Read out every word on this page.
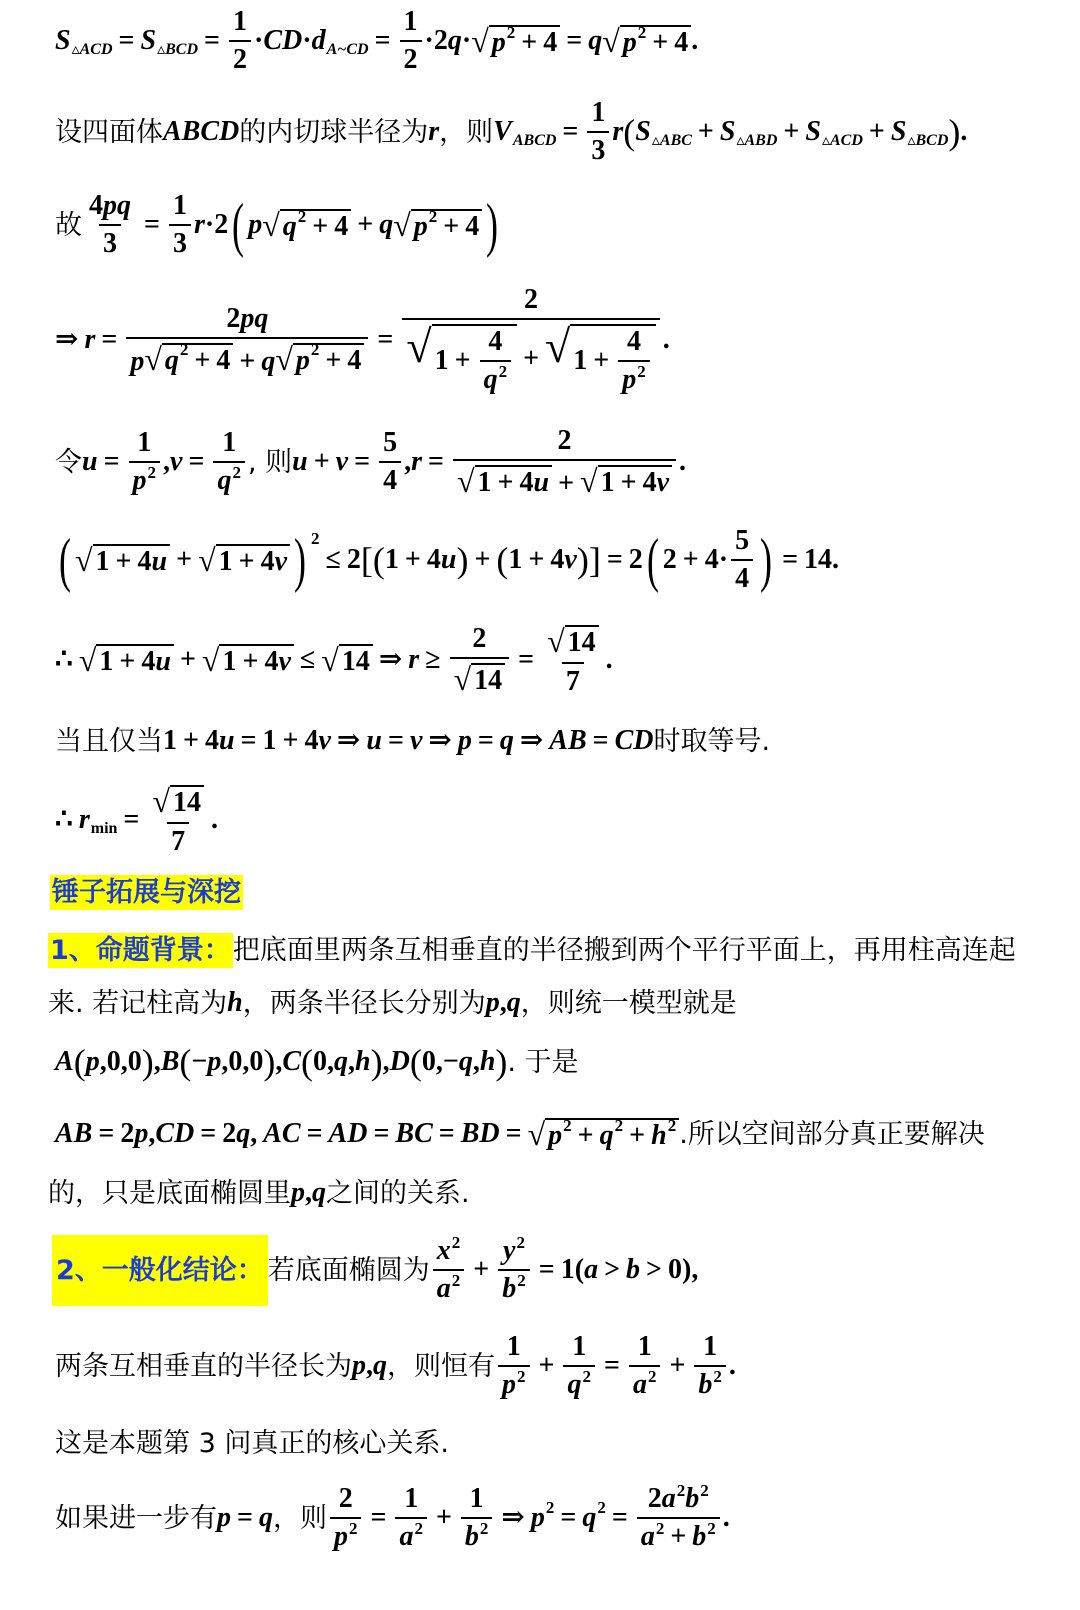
S ▵ACD = S ▵BCD = $\frac{1}{2}$ · CD · d A~CD = $\frac{1}{2} \cdot 2$ q · √ p 2 + 4 = q √ p 2 + 4 .
设四面体 ABCD 的内切球半径为 r ，则 V ABCD = $\frac{1}{3}$ r ( S ▵ABC + S ▵ABD + S ▵ACD + S ▵BCD ) .
故 $\frac{4pq}{3} = \frac{1}{3}$ r ·2 ( p √ q 2 + 4 + q √ p 2 + 4 )
⇒ $r = \frac{2pq}{p √ q 2 + 4 + q √ p 2 + 4} = \frac{2}{√ 1 + \frac{4}{q^2} + √ 1 + \frac{4}{p^2}}$ .
令 $u = \frac{1}{p^2}$ , $v = \frac{1}{q^2}$ , 则 $u + v = \frac{5}{4}$ , $r = \frac{2}{√ 1 + 4 u + √ 1 + 4 v}$ .
( √ 1 + 4 u + √ 1 + 4 v ) 2
≤ 2 [ ( 1 + 4 u ) + ( 1 + 4 v ) ] = 2 ( $2 + 4 \cdot \frac{5}{4}$ ) = 14.
∴ √ 1 + 4 u + √ 1 + 4 v ≤ √ 14 ⇒ $r \ge \frac{2}{√ 14} = \frac{√ 14}{7}$ .
当且仅当 1 + 4 u = 1 + 4 v ⇒ u = v ⇒ p = q ⇒ AB = CD 时取等号.
∴ r $\min = \frac{√ 14}{7}$ .
锤子拓展与深挖
1、命题背景： 把底面里两条互相垂直的半径搬到两个平行平面上，再用柱高连起
来. 若记柱高为 h ，两条半径长分别为 p , q ，则统一模型就是
A ( p ,0,0 ) , B ( − p ,0,0 ) , C ( 0, q , h ) , D ( 0,− q , h ) . 于是
AB = 2 p , CD = 2 q , AC = AD = BC = BD = √ p 2 + q 2 + h 2 .所以空间部分真正要解决
的，只是底面椭圆里 p , q 之间的关系.
2、一般化结论： 若底面椭圆为 $\frac{x^2}{a^2} + \frac{y^2}{b^2} = 1$( a > b > 0),
两条互相垂直的半径长为 p , q ，则恒有 $\frac{1}{p^2} + \frac{1}{q^2} = \frac{1}{a^2} + \frac{1}{b^2}$ .
这是本题第 3 问真正的核心关系.
如果进一步有 p = q ，则 $\frac{2}{p^2} = \frac{1}{a^2} + \frac{1}{b^2}$ ⇒ p 2 = q $2 = \frac{2a^2b^2}{a^2 + b^2}$ .
